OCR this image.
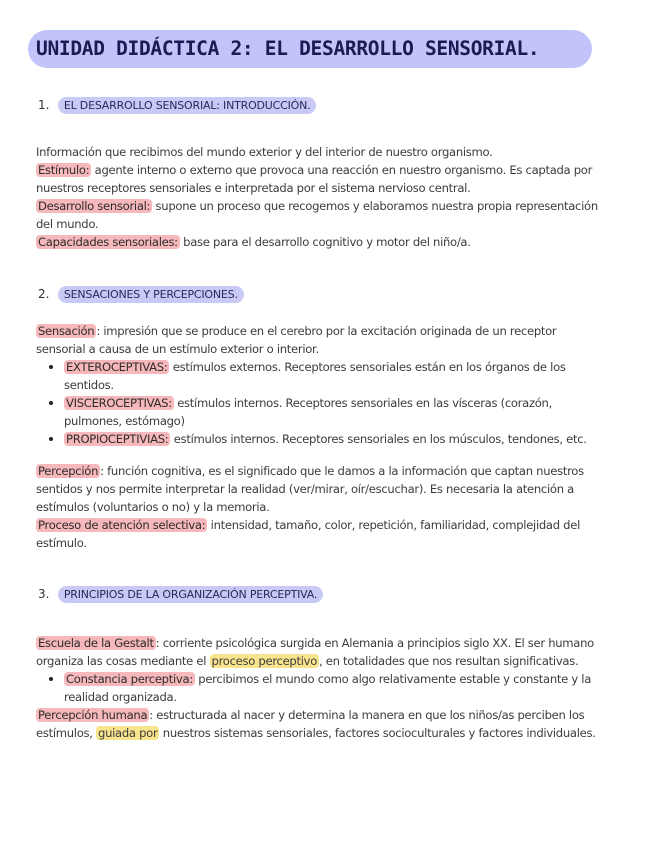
UNIDAD DIDÁCTICA 2: EL DESARROLLO SENSORIAL.
1. EL DESARROLLO SENSORIAL: INTRODUCCIÓN.
Información que recibimos del mundo exterior y del interior de nuestro organismo.
Estímulo: agente interno o externo que provoca una reacción en nuestro organismo. Es captada por
nuestros receptores sensoriales e interpretada por el sistema nervioso central.
Desarrollo sensorial: supone un proceso que recogemos y elaboramos nuestra propia representación
del mundo.
Capacidades sensoriales: base para el desarrollo cognitivo y motor del niño/a.
2. SENSACIONES Y PERCEPCIONES.
Sensación : impresión que se produce en el cerebro por la excitación originada de un receptor
sensorial a causa de un estímulo exterior o interior.
EXTEROCEPTIVAS: estímulos externos. Receptores sensoriales están en los órganos de los
sentidos.
VISCEROCEPTIVAS: estímulos internos. Receptores sensoriales en las vísceras (corazón,
pulmones, estómago)
PROPIOCEPTIVIAS: estímulos internos. Receptores sensoriales en los músculos, tendones, etc.
Percepción : función cognitiva, es el significado que le damos a la información que captan nuestros
sentidos y nos permite interpretar la realidad (ver/mirar, oír/escuchar). Es necesaria la atención a
estímulos (voluntarios o no) y la memoria.
Proceso de atención selectiva: intensidad, tamaño, color, repetición, familiaridad, complejidad del
estímulo.
3. PRINCIPIOS DE LA ORGANIZACIÓN PERCEPTIVA.
Escuela de la Gestalt : corriente psicológica surgida en Alemania a principios siglo XX. El ser humano
organiza las cosas mediante el proceso perceptivo , en totalidades que nos resultan significativas.
Constancia perceptiva: percibimos el mundo como algo relativamente estable y constante y la
realidad organizada.
Percepción humana : estructurada al nacer y determina la manera en que los niños/as perciben los
estímulos, guiada por nuestros sistemas sensoriales, factores socioculturales y factores individuales.
